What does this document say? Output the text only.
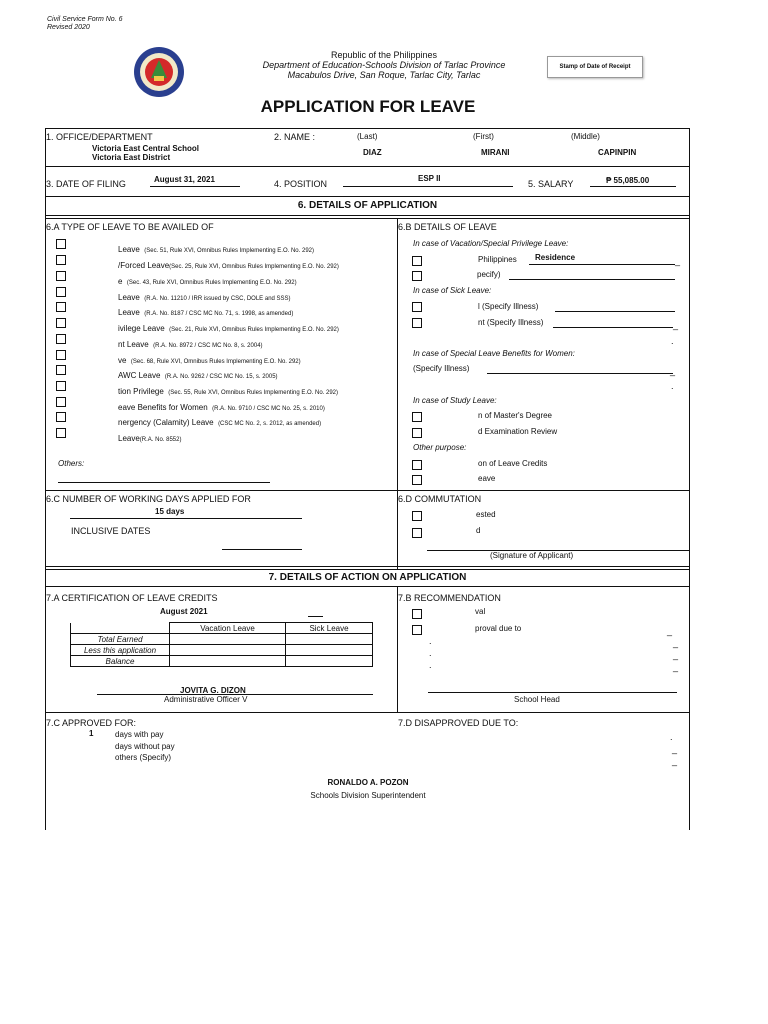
Civil Service Form No. 6
Revised 2020
Republic of the Philippines
Department of Education-Schools Division of Tarlac Province
Macabulos Drive, San Roque, Tarlac City, Tarlac
Stamp of Date of Receipt
APPLICATION FOR LEAVE
1. OFFICE/DEPARTMENT
Victoria East Central School
Victoria East District
2. NAME :	(Last)	(First)	(Middle)
DIAZ	MIRANI	CAPINPIN
3. DATE OF FILING	August 31, 2021	4. POSITION
ESP II
5. SALARY	₱ 55,085.00
6. DETAILS OF APPLICATION
6.A TYPE OF LEAVE TO BE AVAILED OF
Leave (Sec. 51, Rule XVI, Omnibus Rules Implementing E.O. No. 292)
/Forced Leave(Sec. 25, Rule XVI, Omnibus Rules Implementing E.O. No. 292)
e (Sec. 43, Rule XVI, Omnibus Rules Implementing E.O. No. 292)
Leave (R.A. No. 11210 / IRR issued by CSC, DOLE and SSS)
Leave (R.A. No. 8187 / CSC MC No. 71, s. 1998, as amended)
ivilege Leave (Sec. 21, Rule XVI, Omnibus Rules Implementing E.O. No. 292)
nt Leave (R.A. No. 8972 / CSC MC No. 8, s. 2004)
ve (Sec. 68, Rule XVI, Omnibus Rules Implementing E.O. No. 292)
AWC Leave (R.A. No. 9262 / CSC MC No. 15, s. 2005)
tion Privilege (Sec. 55, Rule XVI, Omnibus Rules Implementing E.O. No. 292)
eave Benefits for Women (R.A. No. 9710 / CSC MC No. 25, s. 2010)
nergency (Calamity) Leave (CSC MC No. 2, s. 2012, as amended)
Leave(R.A. No. 8552)
Others:
6.B DETAILS OF LEAVE
In case of Vacation/Special Privilege Leave:
Philippines Residence	_
pecify)
In case of Sick Leave:
l (Specify Illness)
nt (Specify Illness)	_
.
In case of Special Leave Benefits for Women:
(Specify Illness)	_
.
In case of Study Leave:
n of Master's Degree
d Examination Review
Other purpose:
on of Leave Credits
eave
6.C NUMBER OF WORKING DAYS APPLIED FOR
15 days
INCLUSIVE DATES
6.D COMMUTATION
ested
d
(Signature of Applicant)
7. DETAILS OF ACTION ON APPLICATION
7.A CERTIFICATION OF LEAVE CREDITS
August 2021
	Vacation Leave	Sick Leave
Total Earned		
Less this application		
Balance		
JOVITA G. DIZON
Administrative Officer V
7.B RECOMMENDATION
val
proval due to	_
.	_
.	_
.	_
School Head
7.C APPROVED FOR:
1	days with pay
days without pay
others (Specify)
7.D DISAPPROVED DUE TO:
.
_
_
RONALDO A. POZON
Schools Division Superintendent
